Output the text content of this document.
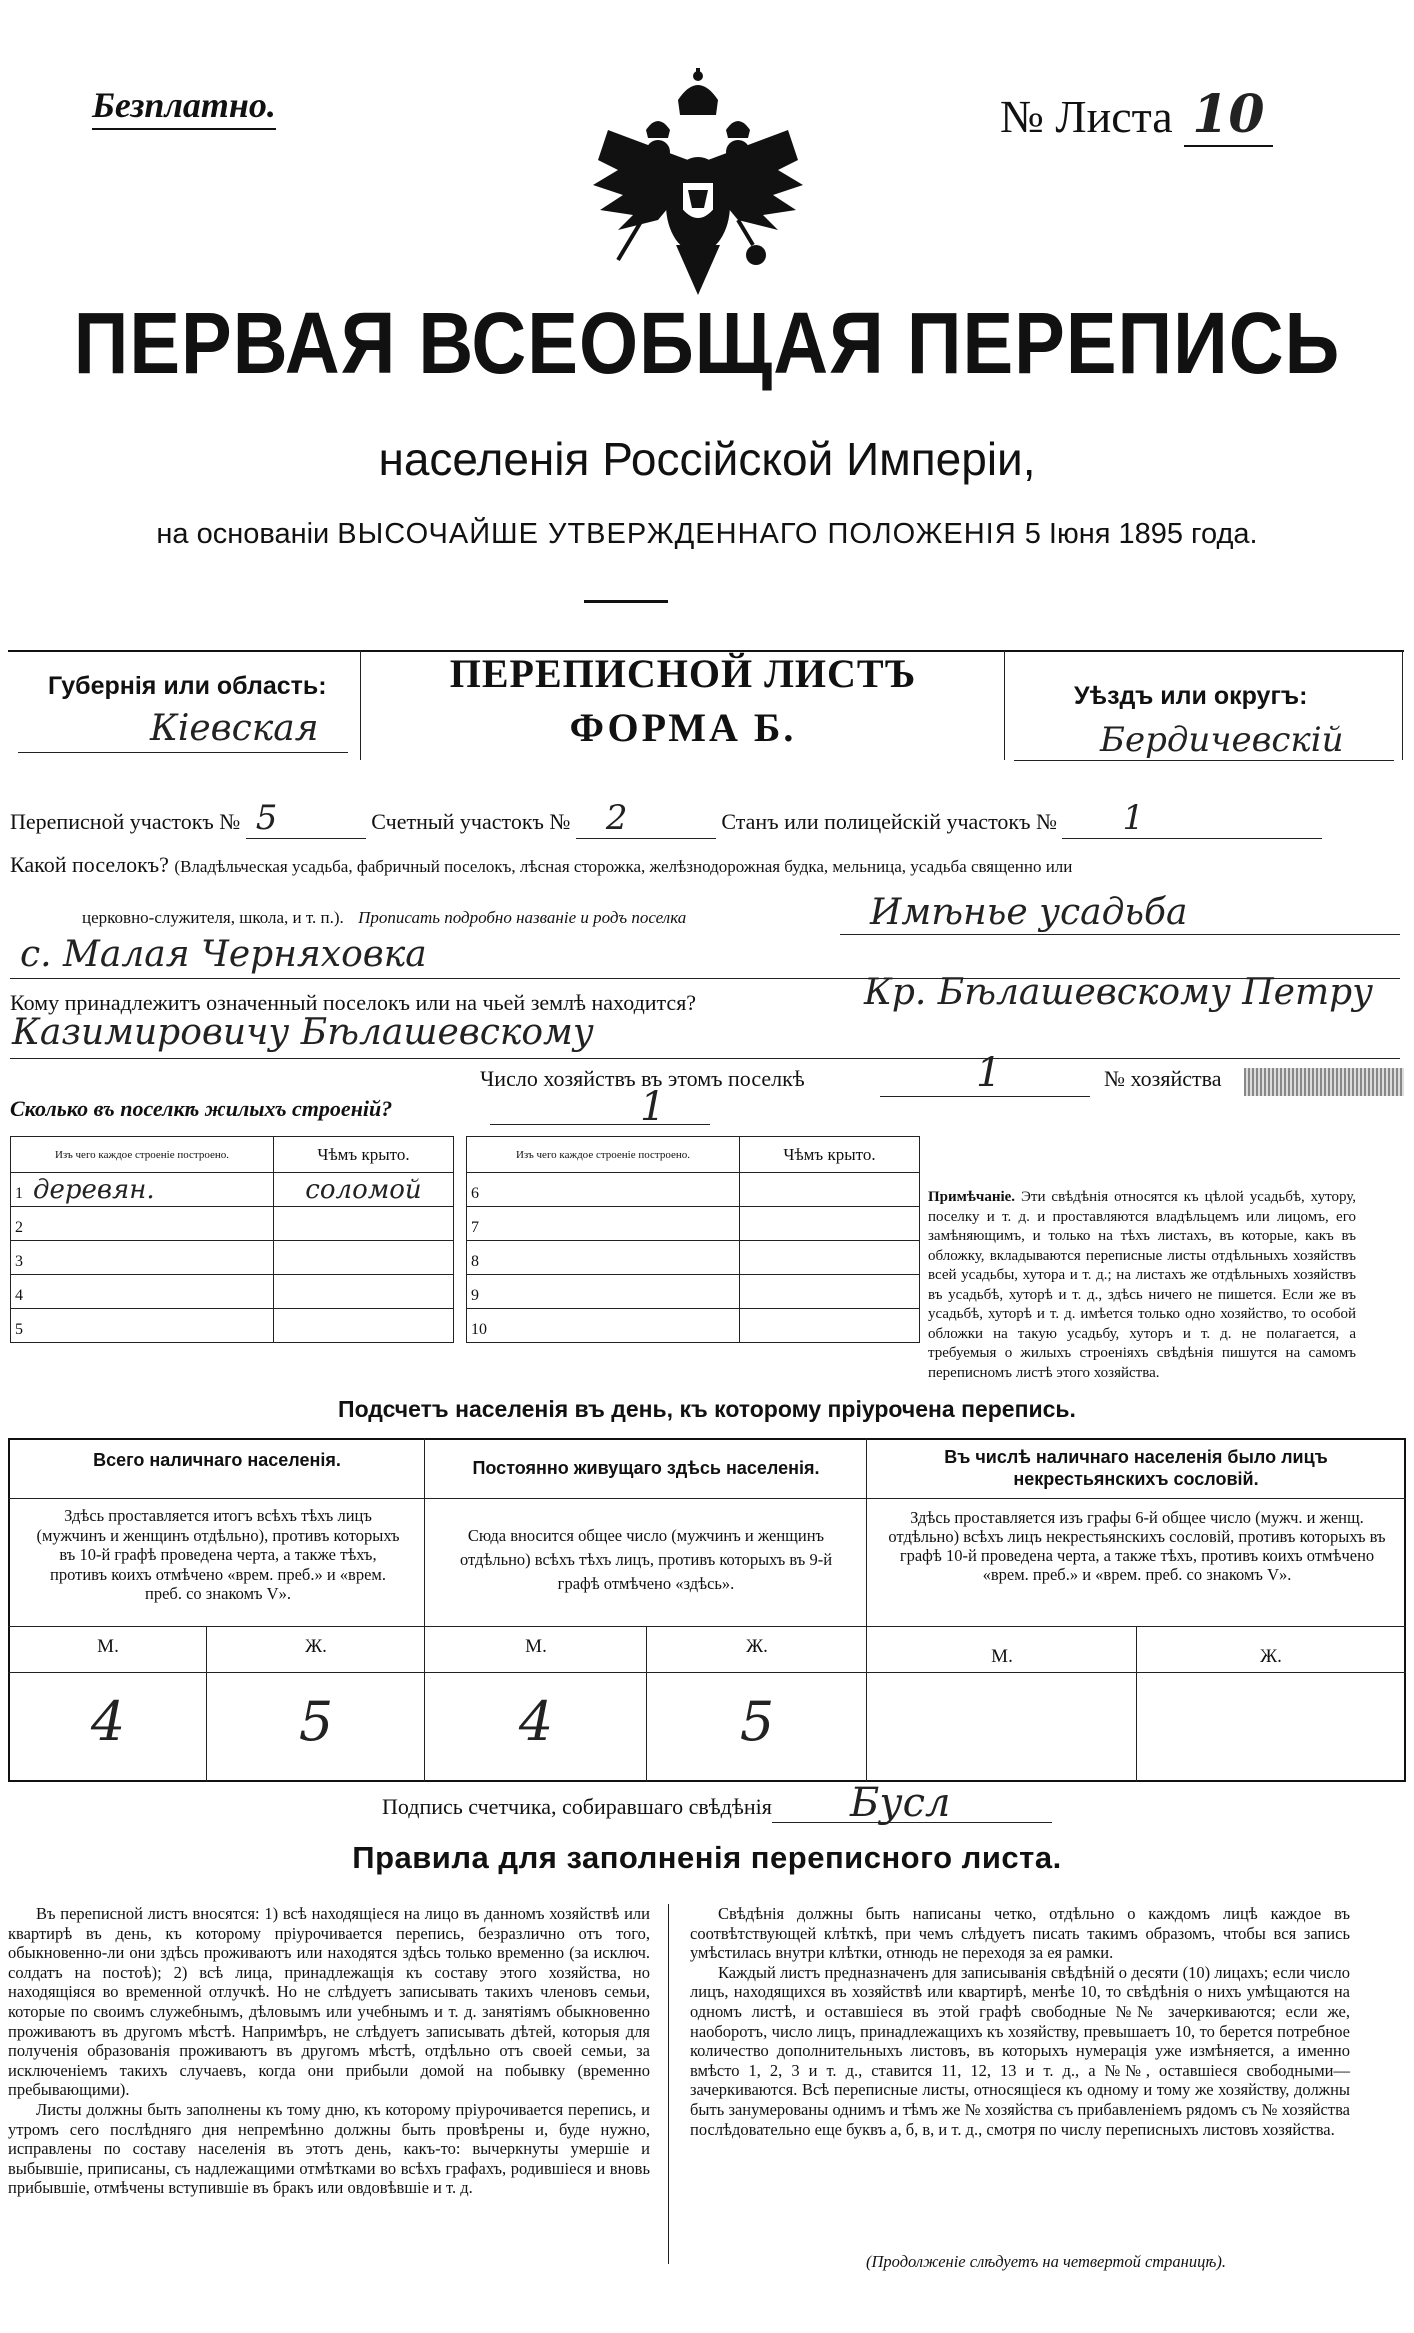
Безплатно.	№ Листа 10
ПЕРВАЯ ВСЕОБЩАЯ ПЕРЕПИСЬ
населенія Россійской Имперіи,
на основаніи ВЫСОЧАЙШЕ УТВЕРЖДЕННАГО ПОЛОЖЕНІЯ 5 Іюня 1895 года.
Губернія или область:
Кіевская
ПЕРЕПИСНОЙ ЛИСТЪ
ФОРМА Б.
Уѣздъ или округъ:
Бердичевскій
Переписной участокъ № 5	Счетный участокъ № 2	Станъ или полицейскій участокъ № 1
Какой поселокъ? (Владѣльческая усадьба, фабричный поселокъ, лѣсная сторожка, желѣзнодорожная будка, мельница, усадьба священно или
церковно-служителя, школа, и т. п.). Прописать подробно названіе и родъ поселка	Имѣнье усадьба
с. Малая Черняховка
Кому принадлежитъ означенный поселокъ или на чьей землѣ находится?	Кр. Бѣлашевскому Петру
Казимировичу Бѣлашевскому
Число хозяйствъ въ этомъ поселкѣ	1	№ хозяйства
Сколько въ поселкѣ жилыхъ строеній?	1
Изъ чего каждое строеніе построено.	Чѣмъ крыто.
1 деревян.	соломой
2	
3	
4	
5	
Изъ чего каждое строеніе построено.	Чѣмъ крыто.
6	
7	
8	
9	
10	
Примѣчаніе. Эти свѣдѣнія относятся къ цѣлой усадьбѣ, хутору, поселку и т. д. и проставляются владѣльцемъ или лицомъ, его замѣняющимъ, и только на тѣхъ листахъ, въ которые, какъ въ обложку, вкладываются переписные листы отдѣльныхъ хозяйствъ всей усадьбы, хутора и т. д.; на листахъ же отдѣльныхъ хозяйствъ въ усадьбѣ, хуторѣ и т. д., здѣсь ничего не пишется. Если же въ усадьбѣ, хуторѣ и т. д. имѣется только одно хозяйство, то особой обложки на такую усадьбу, хуторъ и т. д. не полагается, а требуемыя о жилыхъ строеніяхъ свѣдѣнія пишутся на самомъ переписномъ листѣ этого хозяйства.
Подсчетъ населенія въ день, къ которому пріурочена перепись.
Всего наличнаго населенія.
Здѣсь проставляется итогъ всѣхъ тѣхъ лицъ (мужчинъ и женщинъ отдѣльно), противъ которыхъ въ 10-й графѣ проведена черта, а также тѣхъ, противъ коихъ отмѣчено «врем. преб.» и «врем. преб. со знакомъ V».
Постоянно живущаго здѣсь населенія.
Сюда вносится общее число (мужчинъ и женщинъ отдѣльно) всѣхъ тѣхъ лицъ, противъ которыхъ въ 9-й графѣ отмѣчено «здѣсь».
Въ числѣ наличнаго населенія было лицъ некрестьянскихъ сословій.
Здѣсь проставляется изъ графы 6-й общее число (мужч. и женщ. отдѣльно) всѣхъ лицъ некрестьянскихъ сословій, противъ которыхъ въ графѣ 10-й проведена черта, а также тѣхъ, противъ коихъ отмѣчено «врем. преб.» и «врем. преб. со знакомъ V».
М.	Ж.	М.	Ж.	М.	Ж.
4	5	4	5
Подпись счетчика, собиравшаго свѣдѣнія Бусл
Правила для заполненія переписного листа.

Въ переписной листъ вносятся: 1) всѣ находящіеся на лицо въ данномъ хозяйствѣ или квартирѣ въ день, къ которому пріурочивается перепись, безразлично отъ того, обыкновенно-ли они здѣсь проживаютъ или находятся здѣсь только временно (за исключ. солдатъ на постоѣ); 2) всѣ лица, принадлежащія къ составу этого хозяйства, но находящіяся во временной отлучкѣ. Но не слѣдуетъ записывать такихъ членовъ семьи, которые по своимъ служебнымъ, дѣловымъ или учебнымъ и т. д. занятіямъ обыкновенно проживаютъ въ другомъ мѣстѣ. Напримѣръ, не слѣдуетъ записывать дѣтей, которыя для полученія образованія проживаютъ въ другомъ мѣстѣ, отдѣльно отъ своей семьи, за исключеніемъ такихъ случаевъ, когда они прибыли домой на побывку (временно пребывающими).

Листы должны быть заполнены къ тому дню, къ которому пріурочивается перепись, и утромъ сего послѣдняго дня непремѣнно должны быть провѣрены и, буде нужно, исправлены по составу населенія въ этотъ день, какъ-то: вычеркнуты умершіе и выбывшіе, приписаны, съ надлежащими отмѣтками во всѣхъ графахъ, родившіеся и вновь прибывшіе, отмѣчены вступившіе въ бракъ или овдовѣвшіе и т. д.

Свѣдѣнія должны быть написаны четко, отдѣльно о каждомъ лицѣ каждое въ соотвѣтствующей клѣткѣ, при чемъ слѣдуетъ писать такимъ образомъ, чтобы вся запись умѣстилась внутри клѣтки, отнюдь не переходя за ея рамки.

Каждый листъ предназначенъ для записыванія свѣдѣній о десяти (10) лицахъ; если число лицъ, находящихся въ хозяйствѣ или квартирѣ, менѣе 10, то свѣдѣнія о нихъ умѣщаются на одномъ листѣ, и оставшіеся въ этой графѣ свободные №№ зачеркиваются; если же, наоборотъ, число лицъ, принадлежащихъ къ хозяйству, превышаетъ 10, то берется потребное количество дополнительныхъ листовъ, въ которыхъ нумерація уже измѣняется, а именно вмѣсто 1, 2, 3 и т. д., ставится 11, 12, 13 и т. д., а №№, оставшіеся свободными—зачеркиваются. Всѣ переписные листы, относящіеся къ одному и тому же хозяйству, должны быть занумерованы однимъ и тѣмъ же № хозяйства съ прибавленіемъ рядомъ съ № хозяйства послѣдовательно еще буквъ а, б, в, и т. д., смотря по числу переписныхъ листовъ хозяйства.

(Продолженіе слѣдуетъ на четвертой страницѣ).
